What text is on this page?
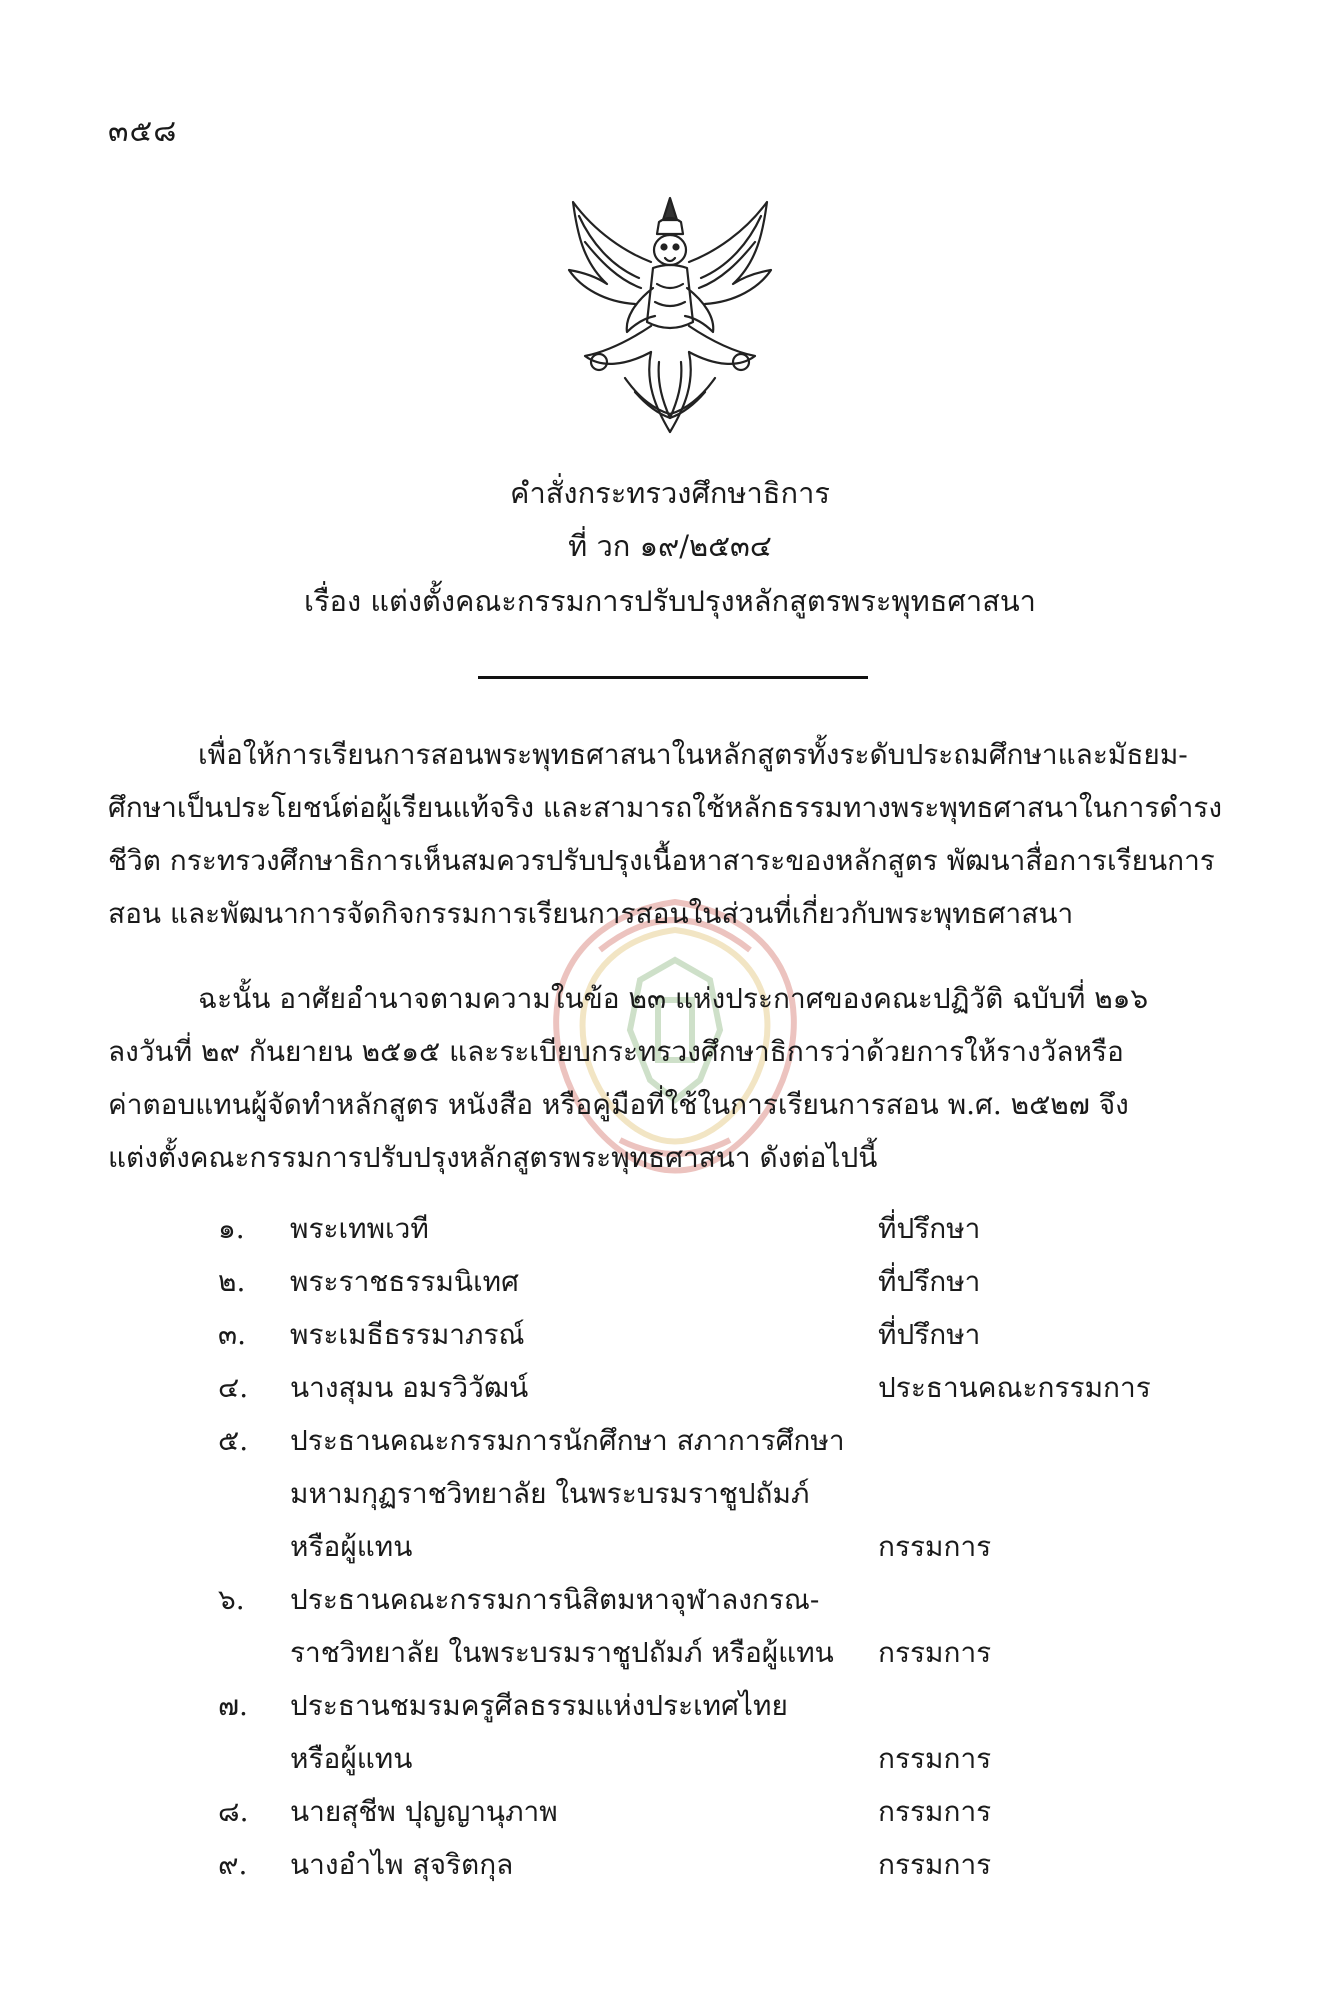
๓๕๘
คำสั่งกระทรวงศึกษาธิการ
ที่ วก ๑๙/๒๕๓๔
เรื่อง แต่งตั้งคณะกรรมการปรับปรุงหลักสูตรพระพุทธศาสนา
เพื่อให้การเรียนการสอนพระพุทธศาสนาในหลักสูตรทั้งระดับประถมศึกษาและมัธยม-
ศึกษาเป็นประโยชน์ต่อผู้เรียนแท้จริง และสามารถใช้หลักธรรมทางพระพุทธศาสนาในการดำรง
ชีวิต กระทรวงศึกษาธิการเห็นสมควรปรับปรุงเนื้อหาสาระของหลักสูตร พัฒนาสื่อการเรียนการ
สอน และพัฒนาการจัดกิจกรรมการเรียนการสอนในส่วนที่เกี่ยวกับพระพุทธศาสนา
ฉะนั้น อาศัยอำนาจตามความในข้อ ๒๓ แห่งประกาศของคณะปฏิวัติ ฉบับที่ ๒๑๖
ลงวันที่ ๒๙ กันยายน ๒๕๑๕ และระเบียบกระทรวงศึกษาธิการว่าด้วยการให้รางวัลหรือ
ค่าตอบแทนผู้จัดทำหลักสูตร หนังสือ หรือคู่มือที่ใช้ในการเรียนการสอน พ.ศ. ๒๕๒๗ จึง
แต่งตั้งคณะกรรมการปรับปรุงหลักสูตรพระพุทธศาสนา ดังต่อไปนี้
๑. พระเทพเวที	ที่ปรึกษา
๒. พระราชธรรมนิเทศ	ที่ปรึกษา
๓. พระเมธีธรรมาภรณ์	ที่ปรึกษา
๔. นางสุมน อมรวิวัฒน์	ประธานคณะกรรมการ
๕. ประธานคณะกรรมการนักศึกษา สภาการศึกษา
มหามกุฏราชวิทยาลัย ในพระบรมราชูปถัมภ์
หรือผู้แทน	กรรมการ
๖. ประธานคณะกรรมการนิสิตมหาจุฬาลงกรณ-
ราชวิทยาลัย ในพระบรมราชูปถัมภ์ หรือผู้แทน กรรมการ
๗. ประธานชมรมครูศีลธรรมแห่งประเทศไทย
หรือผู้แทน	กรรมการ
๘. นายสุชีพ ปุญญานุภาพ	กรรมการ
๙. นางอำไพ สุจริตกุล	กรรมการ
